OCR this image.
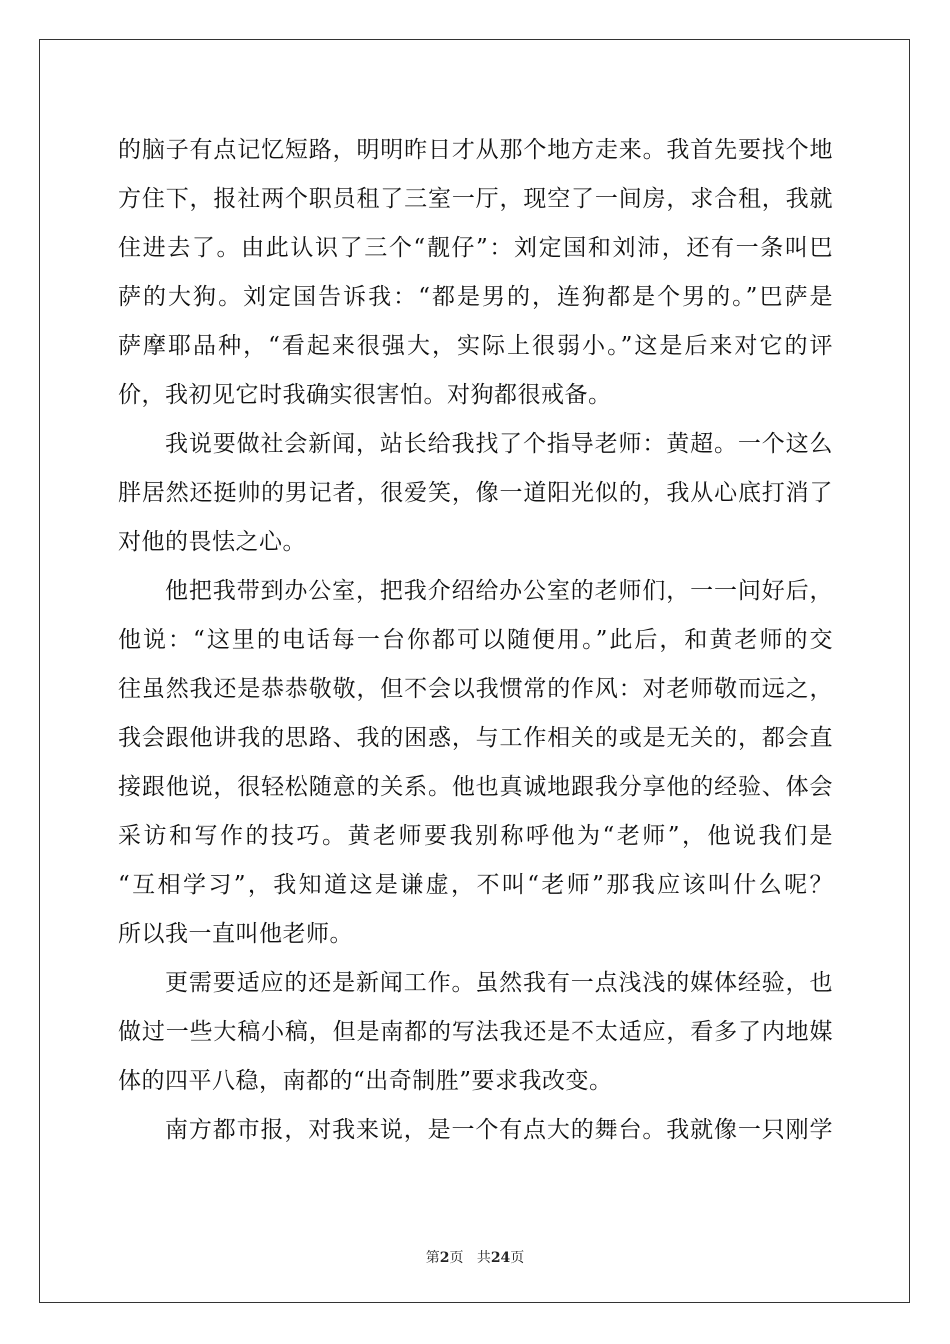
的脑子有点记忆短路，明明昨日才从那个地方走来。我首先要找个地
方住下，报社两个职员租了三室一厅，现空了一间房，求合租，我就
住进去了。由此认识了三个“靓仔”：刘定国和刘沛，还有一条叫巴
萨的大狗。刘定国告诉我：“都是男的，连狗都是个男的。”巴萨是
萨摩耶品种，“看起来很强大，实际上很弱小。”这是后来对它的评
价，我初见它时我确实很害怕。对狗都很戒备。
我说要做社会新闻，站长给我找了个指导老师：黄超。一个这么
胖居然还挺帅的男记者，很爱笑，像一道阳光似的，我从心底打消了
对他的畏怯之心。
他把我带到办公室，把我介绍给办公室的老师们，一一问好后，
他说：“这里的电话每一台你都可以随便用。”此后，和黄老师的交
往虽然我还是恭恭敬敬，但不会以我惯常的作风：对老师敬而远之，
我会跟他讲我的思路、我的困惑，与工作相关的或是无关的，都会直
接跟他说，很轻松随意的关系。他也真诚地跟我分享他的经验、体会
采访和写作的技巧。黄老师要我别称呼他为“老师”，他说我们是
“互相学习”，我知道这是谦虚，不叫“老师”那我应该叫什么呢？
所以我一直叫他老师。
更需要适应的还是新闻工作。虽然我有一点浅浅的媒体经验，也
做过一些大稿小稿，但是南都的写法我还是不太适应，看多了内地媒
体的四平八稳，南都的“出奇制胜”要求我改变。
南方都市报，对我来说，是一个有点大的舞台。我就像一只刚学
第2页 共24页
